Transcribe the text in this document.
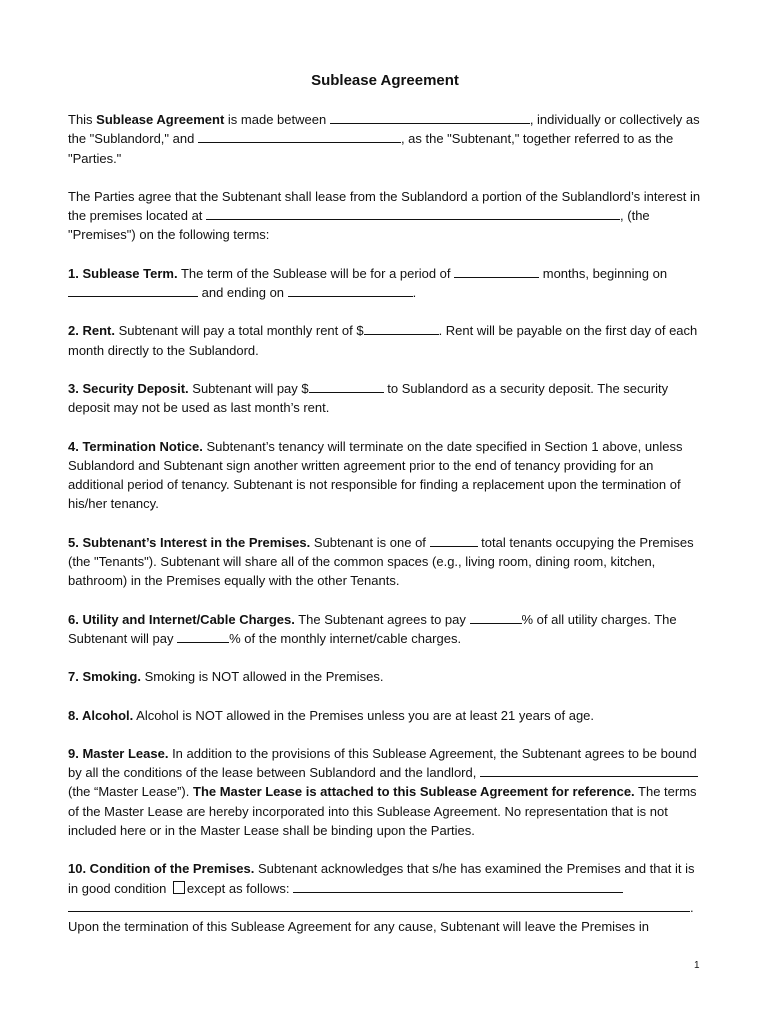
Sublease Agreement

This Sublease Agreement is made between	, individually or collectively as the "Sublandord," and	, as the "Subtenant," together referred to as the "Parties."

The Parties agree that the Subtenant shall lease from the Sublandord a portion of the Sublandlord’s interest in the premises located at	, (the "Premises") on the following terms:

1. Sublease Term. The term of the Sublease will be for a period of	months, beginning on  and ending on	.

2. Rent. Subtenant will pay a total monthly rent of $	. Rent will be payable on the first day of each month directly to the Sublandord.

3. Security Deposit. Subtenant will pay $	to Sublandord as a security deposit. The security deposit may not be used as last month’s rent.

4. Termination Notice. Subtenant’s tenancy will terminate on the date specified in Section 1 above, unless Sublandord and Subtenant sign another written agreement prior to the end of tenancy providing for an additional period of tenancy. Subtenant is not responsible for finding a replacement upon the termination of his/her tenancy.

5. Subtenant’s Interest in the Premises. Subtenant is one of	total tenants occupying the Premises (the "Tenants"). Subtenant will share all of the common spaces (e.g., living room, dining room, kitchen, bathroom) in the Premises equally with the other Tenants.

6. Utility and Internet/Cable Charges. The Subtenant agrees to pay	% of all utility charges. The Subtenant will pay	% of the monthly internet/cable charges.

7. Smoking. Smoking is NOT allowed in the Premises.

8. Alcohol. Alcohol is NOT allowed in the Premises unless you are at least 21 years of age.

9. Master Lease. In addition to the provisions of this Sublease Agreement, the Subtenant agrees to be bound by all the conditions of the lease between Sublandord and the landlord,  (the “Master Lease”). The Master Lease is attached to this Sublease Agreement for reference. The terms of the Master Lease are hereby incorporated into this Sublease Agreement. No representation that is not included here or in the Master Lease shall be binding upon the Parties.

10. Condition of the Premises. Subtenant acknowledges that s/he has examined the Premises and that it is in good condition except as follows:
.
Upon the termination of this Sublease Agreement for any cause, Subtenant will leave the Premises in

1
